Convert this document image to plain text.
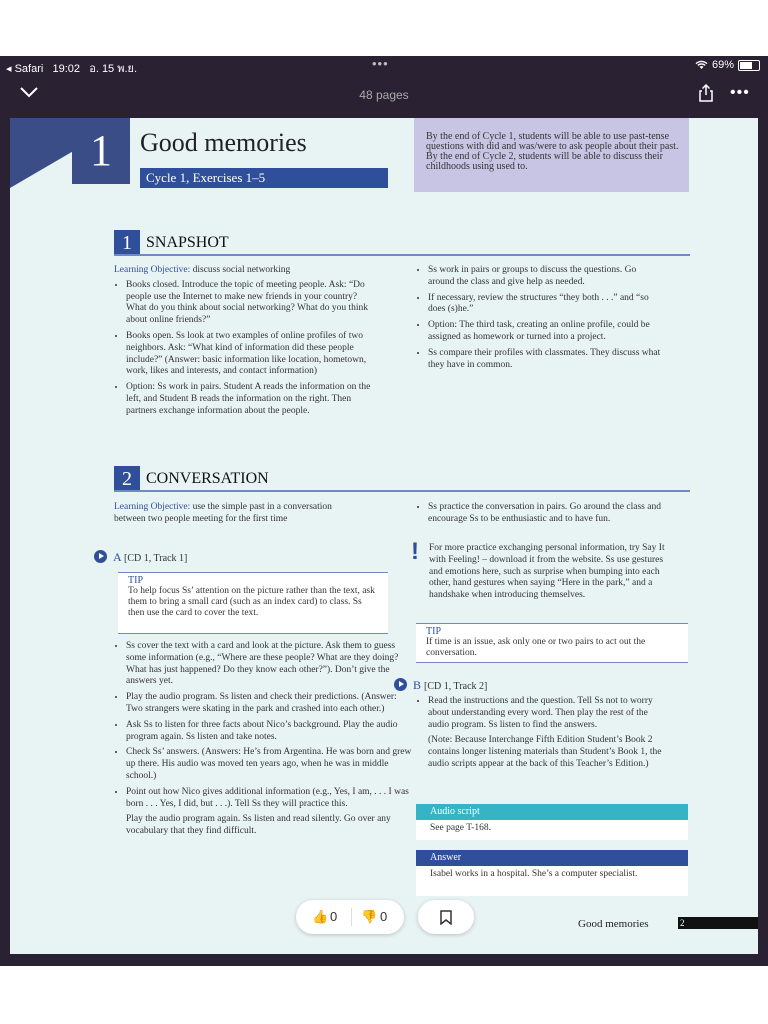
◂ Safari 19:02 อ. 15 พ.ย.	•••	69%
48 pages	•••
1	Good memories
Cycle 1, Exercises 1–5
By the end of Cycle 1, students will be able to use past-tense questions with did and was/were to ask people about their past. By the end of Cycle 2, students will be able to discuss their childhoods using used to.
1 SNAPSHOT
Learning Objective: discuss social networking
• Books closed. Introduce the topic of meeting people. Ask: “Do people use the Internet to make new friends in your country? What do you think about social networking? What do you think about online friends?”
• Books open. Ss look at two examples of online profiles of two neighbors. Ask: “What kind of information did these people include?” (Answer: basic information like location, hometown, work, likes and interests, and contact information)
• Option: Ss work in pairs. Student A reads the information on the left, and Student B reads the information on the right. Then partners exchange information about the people.
• Ss work in pairs or groups to discuss the questions. Go around the class and give help as needed.
• If necessary, review the structures “they both . . .” and “so does (s)he.”
• Option: The third task, creating an online profile, could be assigned as homework or turned into a project.
• Ss compare their profiles with classmates. They discuss what they have in common.
2 CONVERSATION
Learning Objective: use the simple past in a conversation between two people meeting for the first time
A [CD 1, Track 1]
TIP
To help focus Ss’ attention on the picture rather than the text, ask them to bring a small card (such as an index card) to class. Ss then use the card to cover the text.
• Ss cover the text with a card and look at the picture. Ask them to guess some information (e.g., “Where are these people? What are they doing? What has just happened? Do they know each other?”). Don’t give the answers yet.
• Play the audio program. Ss listen and check their predictions. (Answer: Two strangers were skating in the park and crashed into each other.)
• Ask Ss to listen for three facts about Nico’s background. Play the audio program again. Ss listen and take notes.
• Check Ss’ answers. (Answers: He’s from Argentina. He was born and grew up there. His audio was moved ten years ago, when he was in middle school.)
• Point out how Nico gives additional information (e.g., Yes, I am, . . . I was born . . . Yes, I did, but . . .). Tell Ss they will practice this.
Play the audio program again. Ss listen and read silently. Go over any vocabulary that they find difficult.
• Ss practice the conversation in pairs. Go around the class and encourage Ss to be enthusiastic and to have fun.
! For more practice exchanging personal information, try Say It with Feeling! – download it from the website. Ss use gestures and emotions here, such as surprise when bumping into each other, hand gestures when saying “Here in the park,” and a handshake when introducing themselves.
TIP
If time is an issue, ask only one or two pairs to act out the conversation.
B [CD 1, Track 2]
• Read the instructions and the question. Tell Ss not to worry about understanding every word. Then play the rest of the audio program. Ss listen to find the answers.
(Note: Because Interchange Fifth Edition Student’s Book 2 contains longer listening materials than Student’s Book 1, the audio scripts appear at the back of this Teacher’s Edition.)
Audio script
See page T-168.
Answer
Isabel works in a hospital. She’s a computer specialist.
Good memories	2
👍 0 👎 0
